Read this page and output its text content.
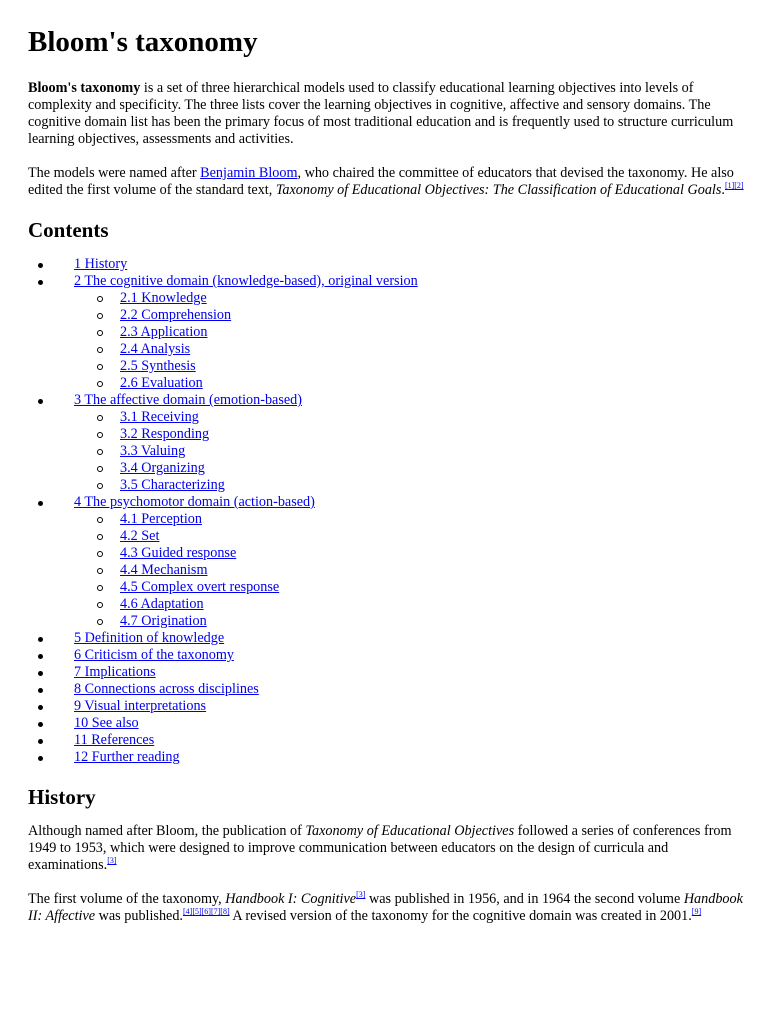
Bloom's taxonomy

Bloom's taxonomy is a set of three hierarchical models used to classify educational learning objectives into levels of complexity and specificity. The three lists cover the learning objectives in cognitive, affective and sensory domains. The cognitive domain list has been the primary focus of most traditional education and is frequently used to structure curriculum learning objectives, assessments and activities.

The models were named after Benjamin Bloom, who chaired the committee of educators that devised the taxonomy. He also edited the first volume of the standard text, Taxonomy of Educational Objectives: The Classification of Educational Goals.[1][2]

Contents
1 History
2 The cognitive domain (knowledge-based), original version
2.1 Knowledge
2.2 Comprehension
2.3 Application
2.4 Analysis
2.5 Synthesis
2.6 Evaluation
3 The affective domain (emotion-based)
3.1 Receiving
3.2 Responding
3.3 Valuing
3.4 Organizing
3.5 Characterizing
4 The psychomotor domain (action-based)
4.1 Perception
4.2 Set
4.3 Guided response
4.4 Mechanism
4.5 Complex overt response
4.6 Adaptation
4.7 Origination
5 Definition of knowledge
6 Criticism of the taxonomy
7 Implications
8 Connections across disciplines
9 Visual interpretations
10 See also
11 References
12 Further reading
History

Although named after Bloom, the publication of Taxonomy of Educational Objectives followed a series of conferences from 1949 to 1953, which were designed to improve communication between educators on the design of curricula and examinations.[3]

The first volume of the taxonomy, Handbook I: Cognitive[3] was published in 1956, and in 1964 the second volume Handbook II: Affective was published.[4][5][6][7][8] A revised version of the taxonomy for the cognitive domain was created in 2001.[9]
